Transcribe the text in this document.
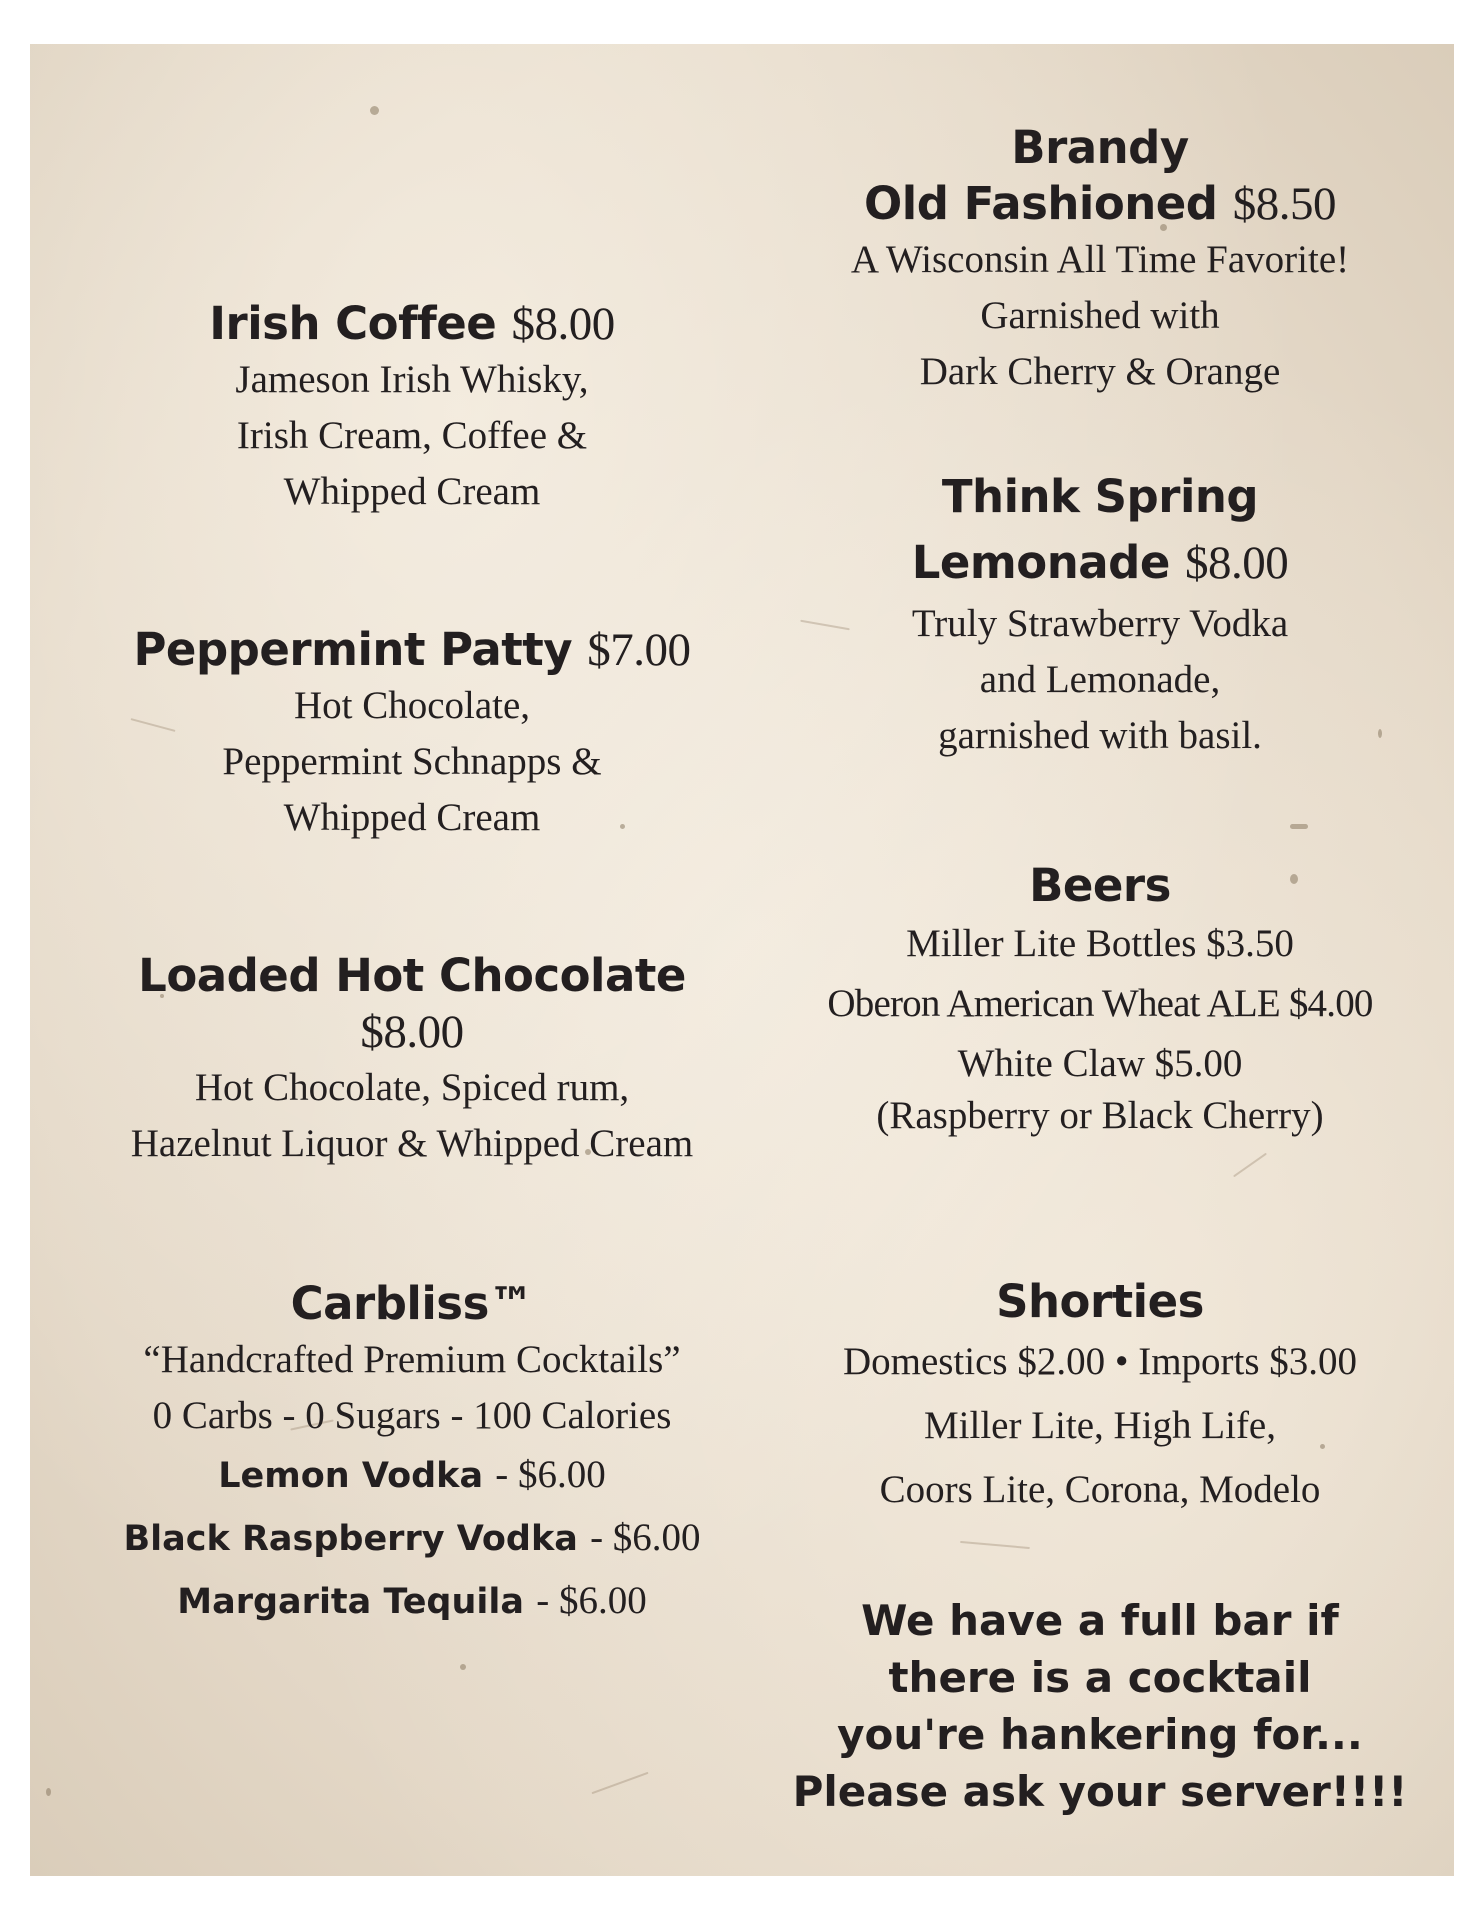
Irish Coffee $8.00
Jameson Irish Whisky,
Irish Cream, Coffee &
Whipped Cream
Peppermint Patty $7.00
Hot Chocolate,
Peppermint Schnapps &
Whipped Cream
Loaded Hot Chocolate $8.00
Hot Chocolate, Spiced rum,
Hazelnut Liquor & Whipped Cream
Carbliss™
“Handcrafted Premium Cocktails”
0 Carbs - 0 Sugars - 100 Calories
Lemon Vodka - $6.00
Black Raspberry Vodka - $6.00
Margarita Tequila - $6.00
Brandy
Old Fashioned $8.50
A Wisconsin All Time Favorite!
Garnished with
Dark Cherry & Orange
Think Spring
Lemonade $8.00
Truly Strawberry Vodka
and Lemonade,
garnished with basil.
Beers
Miller Lite Bottles $3.50
Oberon American Wheat ALE $4.00
White Claw $5.00
(Raspberry or Black Cherry)
Shorties
Domestics $2.00 • Imports $3.00
Miller Lite, High Life,
Coors Lite, Corona, Modelo
We have a full bar if
there is a cocktail
you're hankering for...
Please ask your server!!!!
